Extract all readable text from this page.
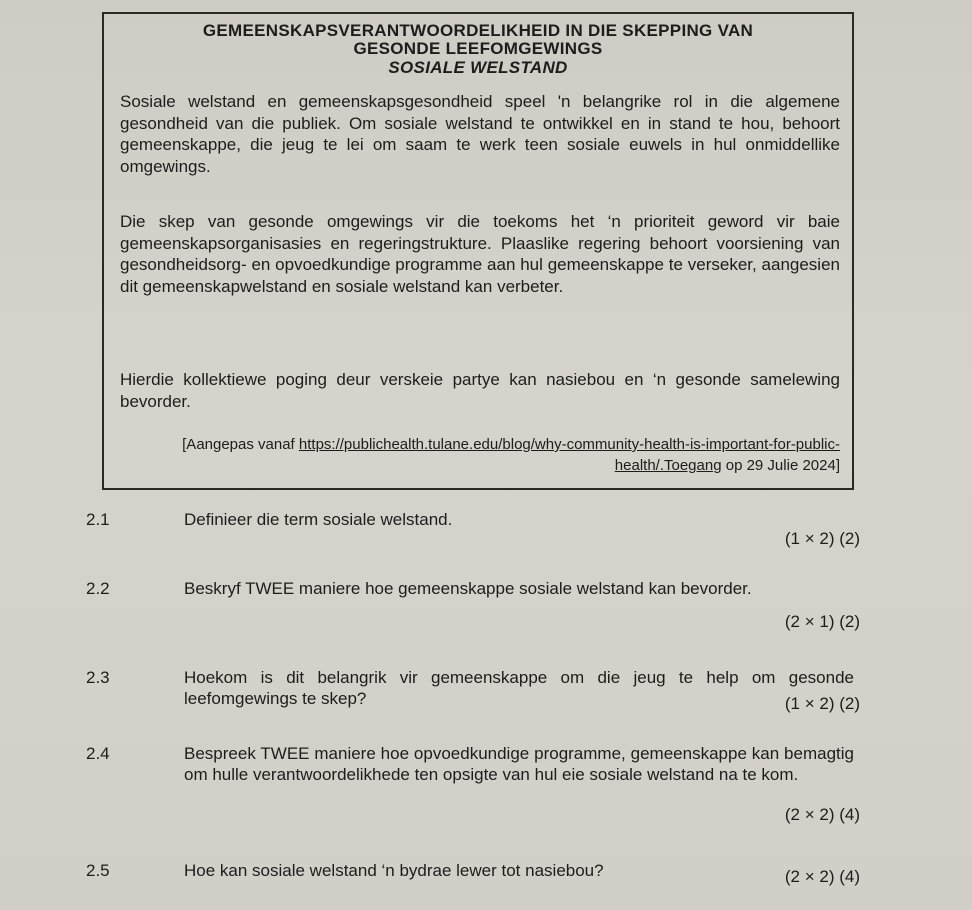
GEMEENSKAPSVERANTWOORDELIKHEID IN DIE SKEPPING VAN
GESONDE LEEFOMGEWINGS
SOSIALE WELSTAND
Sosiale welstand en gemeenskapsgesondheid speel 'n belangrike rol in die algemene gesondheid van die publiek. Om sosiale welstand te ontwikkel en in stand te hou, behoort gemeenskappe, die jeug te lei om saam te werk teen sosiale euwels in hul onmiddellike omgewings.
Die skep van gesonde omgewings vir die toekoms het ‘n prioriteit geword vir baie gemeenskapsorganisasies en regeringstrukture. Plaaslike regering behoort voorsiening van gesondheidsorg- en opvoedkundige programme aan hul gemeenskappe te verseker, aangesien dit gemeenskapwelstand en sosiale welstand kan verbeter.
Hierdie kollektiewe poging deur verskeie partye kan nasiebou en ‘n gesonde samelewing bevorder.
[Aangepas vanaf https://publichealth.tulane.edu/blog/why-community-health-is-important-for-public-health/.Toegang op 29 Julie 2024]
2.1	Definieer die term sosiale welstand.
(1 × 2) (2)
2.2	Beskryf TWEE maniere hoe gemeenskappe sosiale welstand kan bevorder.
(2 × 1) (2)
2.3	Hoekom is dit belangrik vir gemeenskappe om die jeug te help om gesonde leefomgewings te skep?	(1 × 2) (2)
2.4	Bespreek TWEE maniere hoe opvoedkundige programme, gemeenskappe kan bemagtig om hulle verantwoordelikhede ten opsigte van hul eie sosiale welstand na te kom.
(2 × 2) (4)
2.5	Hoe kan sosiale welstand ‘n bydrae lewer tot nasiebou?	(2 × 2) (4)
